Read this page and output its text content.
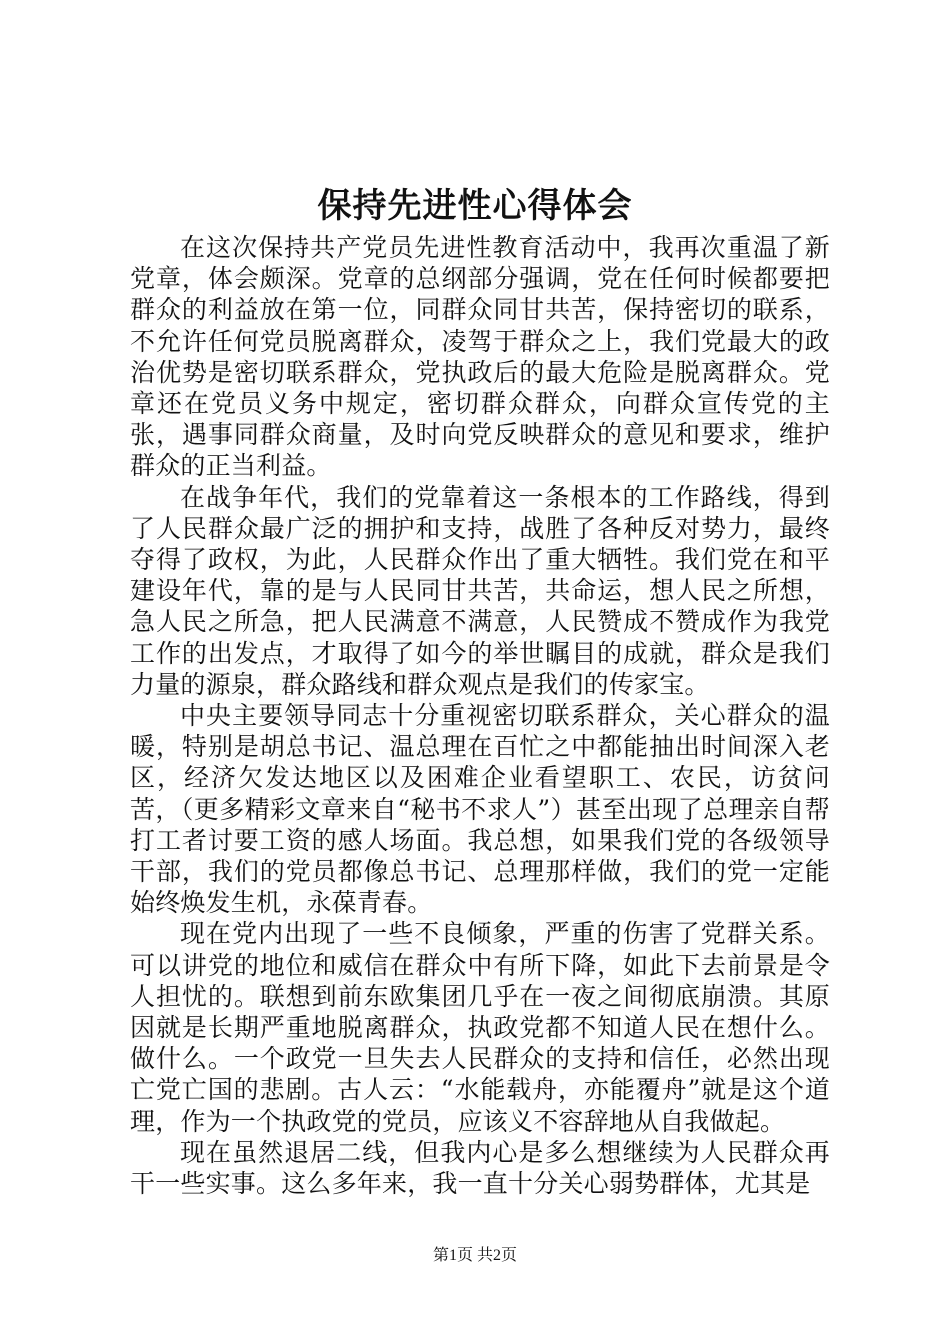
保持先进性心得体会

在这次保持共产党员先进性教育活动中，我再次重温了新党章，体会颇深。党章的总纲部分强调，党在任何时候都要把群众的利益放在第一位，同群众同甘共苦，保持密切的联系，不允许任何党员脱离群众，凌驾于群众之上，我们党最大的政治优势是密切联系群众，党执政后的最大危险是脱离群众。党章还在党员义务中规定，密切群众群众，向群众宣传党的主张，遇事同群众商量，及时向党反映群众的意见和要求，维护群众的正当利益。

在战争年代，我们的党靠着这一条根本的工作路线，得到了人民群众最广泛的拥护和支持，战胜了各种反对势力，最终夺得了政权，为此，人民群众作出了重大牺牲。我们党在和平建设年代，靠的是与人民同甘共苦，共命运，想人民之所想，急人民之所急，把人民满意不满意，人民赞成不赞成作为我党工作的出发点，才取得了如今的举世瞩目的成就，群众是我们力量的源泉，群众路线和群众观点是我们的传家宝。

中央主要领导同志十分重视密切联系群众，关心群众的温暖，特别是胡总书记、温总理在百忙之中都能抽出时间深入老区，经济欠发达地区以及困难企业看望职工、农民，访贫问苦，（更多精彩文章来自“秘书不求人”）甚至出现了总理亲自帮打工者讨要工资的感人场面。我总想，如果我们党的各级领导干部，我们的党员都像总书记、总理那样做，我们的党一定能始终焕发生机，永葆青春。

现在党内出现了一些不良倾象，严重的伤害了党群关系。可以讲党的地位和威信在群众中有所下降，如此下去前景是令人担忧的。联想到前东欧集团几乎在一夜之间彻底崩溃。其原因就是长期严重地脱离群众，执政党都不知道人民在想什么。做什么。一个政党一旦失去人民群众的支持和信任，必然出现亡党亡国的悲剧。古人云：“水能载舟，亦能覆舟”就是这个道理，作为一个执政党的党员，应该义不容辞地从自我做起。

现在虽然退居二线，但我内心是多么想继续为人民群众再干一些实事。这么多年来，我一直十分关心弱势群体，尤其是

第1页 共2页
